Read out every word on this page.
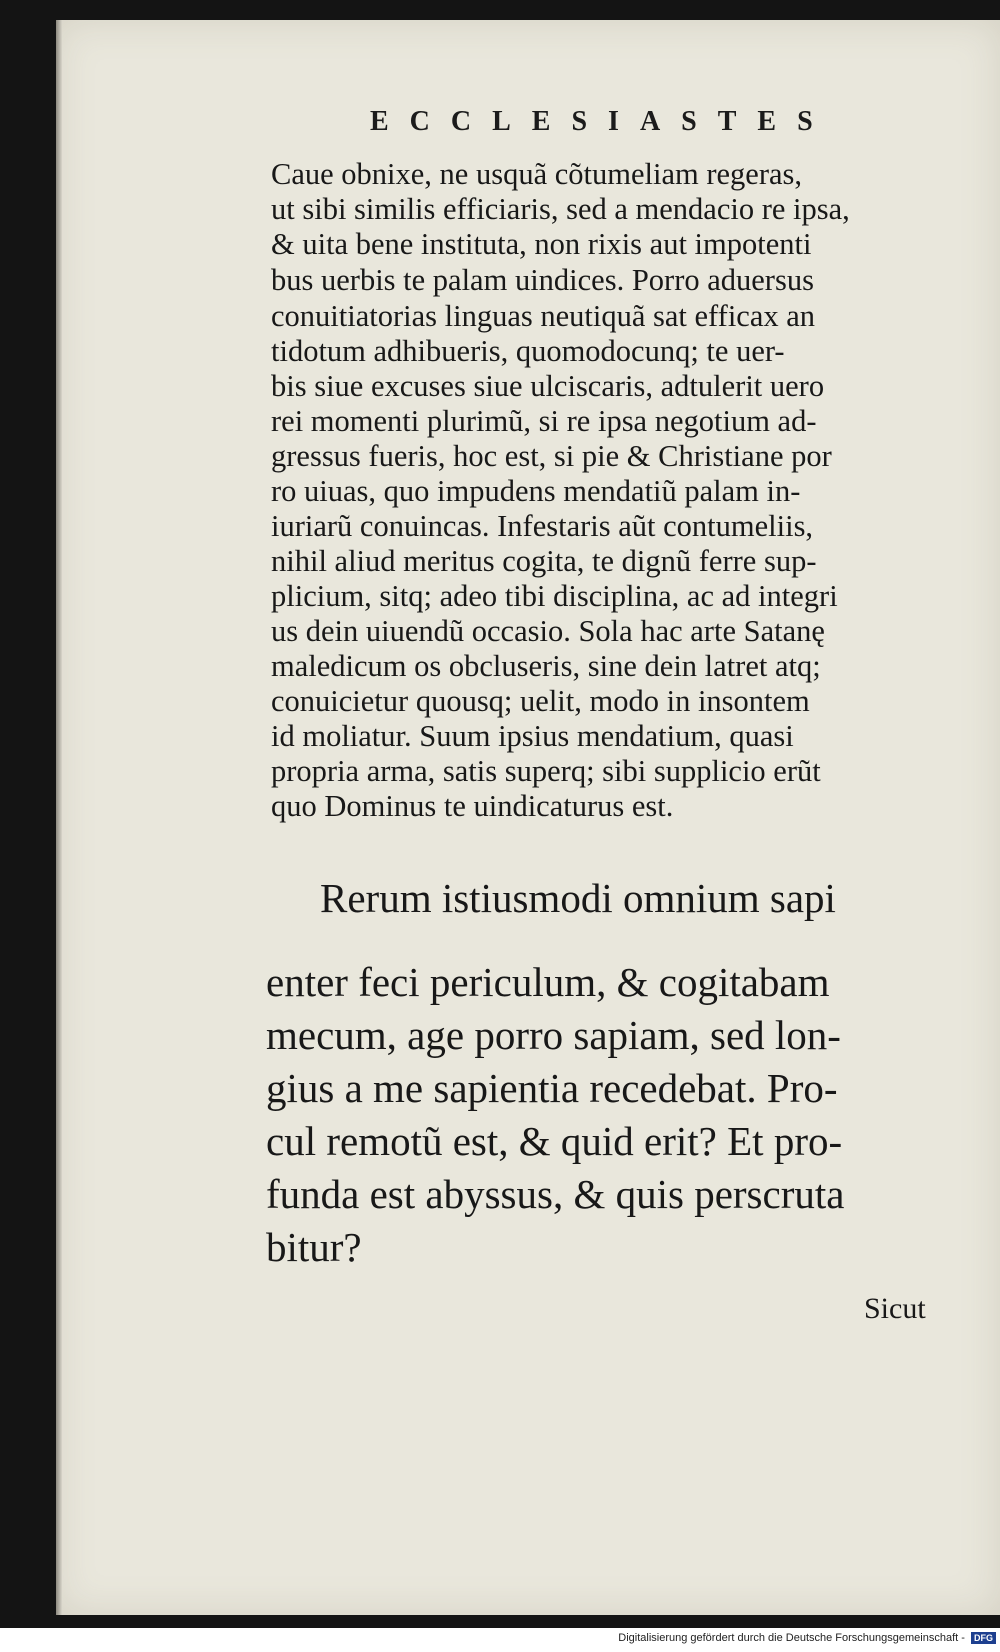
ECCLESIASTES
Caue obnixe, ne usquã cõtumeliam regeras,
ut sibi similis efficiaris, sed a mendacio re ipsa,
& uita bene instituta, non rixis aut impotenti
bus uerbis te palam uindices. Porro aduersus
conuitiatorias linguas neutiquã sat efficax an
tidotum adhibueris, quomodocunq; te uer-
bis siue excuses siue ulciscaris, adtulerit uero
rei momenti plurimũ, si re ipsa negotium ad-
gressus fueris, hoc est, si pie & Christiane por
ro uiuas, quo impudens mendatiũ palam in-
iuriarũ conuincas. Infestaris aũt contumeliis,
nihil aliud meritus cogita, te dignũ ferre sup-
plicium, sitq; adeo tibi disciplina, ac ad integri
us dein uiuendũ occasio. Sola hac arte Satanę
maledicum os obcluseris, sine dein latret atq;
conuicietur quousq; uelit, modo in insontem
id moliatur. Suum ipsius mendatium, quasi
propria arma, satis superq; sibi supplicio erũt
quo Dominus te uindicaturus est.
Rerum istiusmodi omnium sapi
enter feci periculum, & cogitabam
mecum, age porro sapiam, sed lon-
gius a me sapientia recedebat. Pro-
cul remotũ est, & quid erit? Et pro-
funda est abyssus, & quis perscruta
bitur?
Sicut
Digitalisierung gefördert durch die Deutsche Forschungsgemeinschaft - DFG
